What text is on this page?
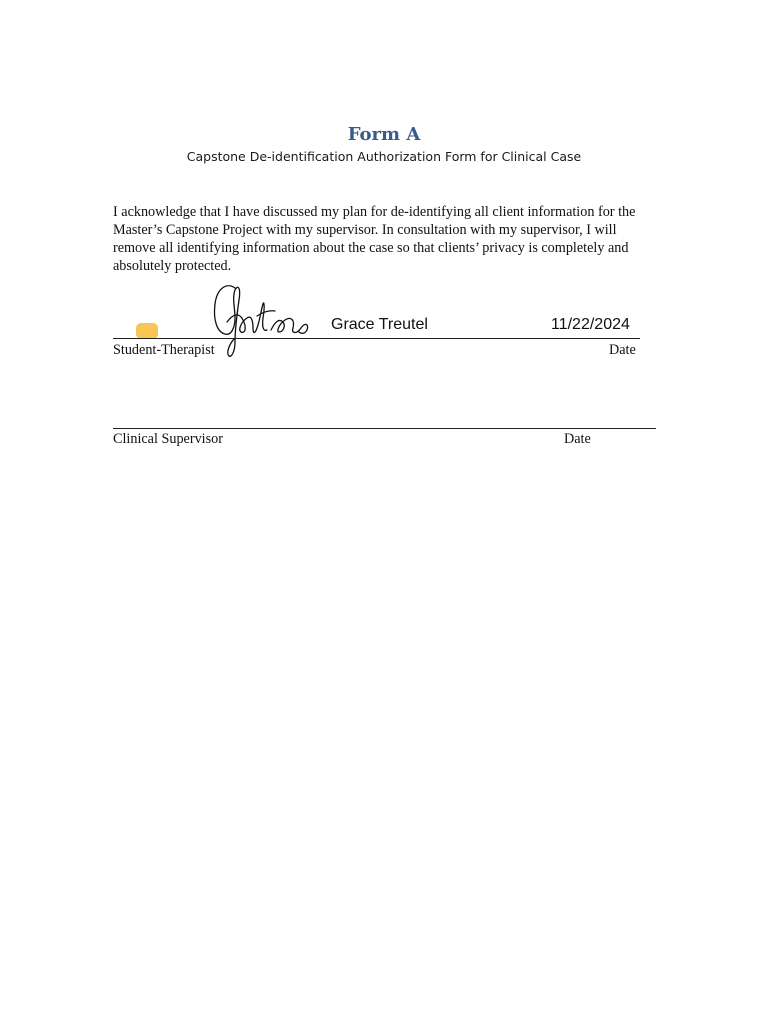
Form A
Capstone De-identification Authorization Form for Clinical Case
I acknowledge that I have discussed my plan for de-identifying all client information for the Master’s Capstone Project with my supervisor. In consultation with my supervisor, I will remove all identifying information about the case so that clients’ privacy is completely and absolutely protected.
Grace Treutel	11/22/2024
Student-Therapist	Date
Clinical Supervisor	Date
